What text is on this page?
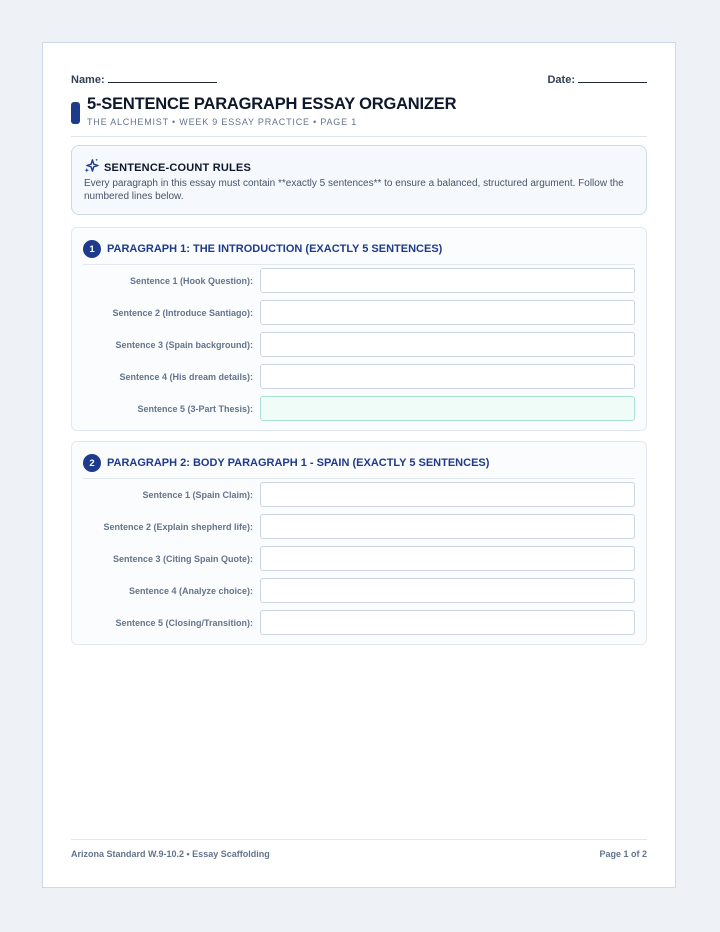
Name:	Date:
5-SENTENCE PARAGRAPH ESSAY ORGANIZER
THE ALCHEMIST • WEEK 9 ESSAY PRACTICE • PAGE 1
SENTENCE-COUNT RULES
Every paragraph in this essay must contain **exactly 5 sentences** to ensure a balanced, structured argument. Follow the numbered lines below.
1	PARAGRAPH 1: THE INTRODUCTION (EXACTLY 5 SENTENCES)
Sentence 1 (Hook Question):
Sentence 2 (Introduce Santiago):
Sentence 3 (Spain background):
Sentence 4 (His dream details):
Sentence 5 (3-Part Thesis):
2	PARAGRAPH 2: BODY PARAGRAPH 1 - SPAIN (EXACTLY 5 SENTENCES)
Sentence 1 (Spain Claim):
Sentence 2 (Explain shepherd life):
Sentence 3 (Citing Spain Quote):
Sentence 4 (Analyze choice):
Sentence 5 (Closing/Transition):
Arizona Standard W.9-10.2 • Essay Scaffolding	Page 1 of 2
